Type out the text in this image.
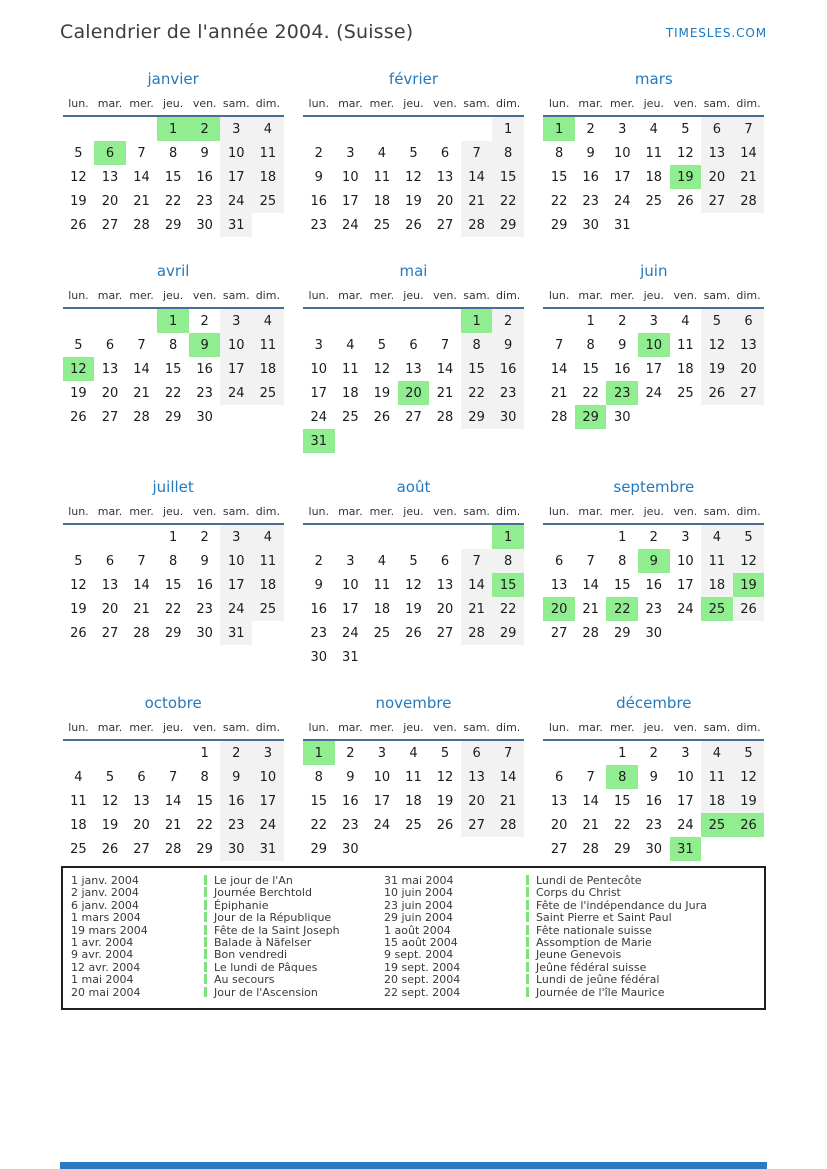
Calendrier de l'année 2004. (Suisse)	TIMESLES.COM
janvier
lun.	mar.	mer.	jeu.	ven.	sam.	dim.
			1	2	3	4
5	6	7	8	9	10	11
12	13	14	15	16	17	18
19	20	21	22	23	24	25
26	27	28	29	30	31	
février
lun.	mar.	mer.	jeu.	ven.	sam.	dim.
						1
2	3	4	5	6	7	8
9	10	11	12	13	14	15
16	17	18	19	20	21	22
23	24	25	26	27	28	29
mars
lun.	mar.	mer.	jeu.	ven.	sam.	dim.
1	2	3	4	5	6	7
8	9	10	11	12	13	14
15	16	17	18	19	20	21
22	23	24	25	26	27	28
29	30	31				
avril
lun.	mar.	mer.	jeu.	ven.	sam.	dim.
			1	2	3	4
5	6	7	8	9	10	11
12	13	14	15	16	17	18
19	20	21	22	23	24	25
26	27	28	29	30		
mai
lun.	mar.	mer.	jeu.	ven.	sam.	dim.
					1	2
3	4	5	6	7	8	9
10	11	12	13	14	15	16
17	18	19	20	21	22	23
24	25	26	27	28	29	30
31						
juin
lun.	mar.	mer.	jeu.	ven.	sam.	dim.
	1	2	3	4	5	6
7	8	9	10	11	12	13
14	15	16	17	18	19	20
21	22	23	24	25	26	27
28	29	30				
juillet
lun.	mar.	mer.	jeu.	ven.	sam.	dim.
			1	2	3	4
5	6	7	8	9	10	11
12	13	14	15	16	17	18
19	20	21	22	23	24	25
26	27	28	29	30	31	
août
lun.	mar.	mer.	jeu.	ven.	sam.	dim.
						1
2	3	4	5	6	7	8
9	10	11	12	13	14	15
16	17	18	19	20	21	22
23	24	25	26	27	28	29
30	31					
septembre
lun.	mar.	mer.	jeu.	ven.	sam.	dim.
		1	2	3	4	5
6	7	8	9	10	11	12
13	14	15	16	17	18	19
20	21	22	23	24	25	26
27	28	29	30			
octobre
lun.	mar.	mer.	jeu.	ven.	sam.	dim.
				1	2	3
4	5	6	7	8	9	10
11	12	13	14	15	16	17
18	19	20	21	22	23	24
25	26	27	28	29	30	31
novembre
lun.	mar.	mer.	jeu.	ven.	sam.	dim.
1	2	3	4	5	6	7
8	9	10	11	12	13	14
15	16	17	18	19	20	21
22	23	24	25	26	27	28
29	30					
décembre
lun.	mar.	mer.	jeu.	ven.	sam.	dim.
		1	2	3	4	5
6	7	8	9	10	11	12
13	14	15	16	17	18	19
20	21	22	23	24	25	26
27	28	29	30	31		
1 janv. 2004	Le jour de l'An	31 mai 2004	Lundi de Pentecôte
2 janv. 2004	Journée Berchtold	10 juin 2004	Corps du Christ
6 janv. 2004	Épiphanie	23 juin 2004	Fête de l'indépendance du Jura
1 mars 2004	Jour de la République	29 juin 2004	Saint Pierre et Saint Paul
19 mars 2004	Fête de la Saint Joseph	1 août 2004	Fête nationale suisse
1 avr. 2004	Balade à Näfelser	15 août 2004	Assomption de Marie
9 avr. 2004	Bon vendredi	9 sept. 2004	Jeune Genevois
12 avr. 2004	Le lundi de Pâques	19 sept. 2004	Jeûne fédéral suisse
1 mai 2004	Au secours	20 sept. 2004	Lundi de jeûne fédéral
20 mai 2004	Jour de l'Ascension	22 sept. 2004	Journée de l'île Maurice
